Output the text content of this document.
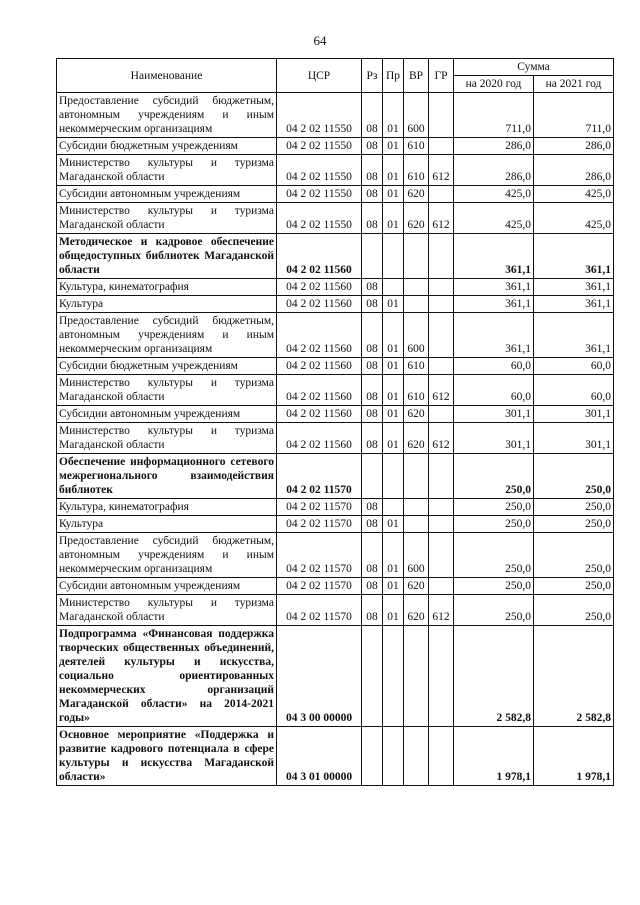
64
Наименование	ЦСР	Рз	Пр	ВР	ГР	Сумма	
						на 2020 год	на 2021 год
Предоставление субсидий бюджетным, автономным учреждениям и иным некоммерческим организациям	04 2 02 11550	08	01	600		711,0	711,0
Субсидии бюджетным учреждениям	04 2 02 11550	08	01	610		286,0	286,0
Министерство культуры и туризма Магаданской области	04 2 02 11550	08	01	610	612	286,0	286,0
Субсидии автономным учреждениям	04 2 02 11550	08	01	620		425,0	425,0
Министерство культуры и туризма Магаданской области	04 2 02 11550	08	01	620	612	425,0	425,0
Методическое и кадровое обеспечение общедоступных библиотек Магаданской области	04 2 02 11560					361,1	361,1
Культура, кинематография	04 2 02 11560	08				361,1	361,1
Культура	04 2 02 11560	08	01			361,1	361,1
Предоставление субсидий бюджетным, автономным учреждениям и иным некоммерческим организациям	04 2 02 11560	08	01	600		361,1	361,1
Субсидии бюджетным учреждениям	04 2 02 11560	08	01	610		60,0	60,0
Министерство культуры и туризма Магаданской области	04 2 02 11560	08	01	610	612	60,0	60,0
Субсидии автономным учреждениям	04 2 02 11560	08	01	620		301,1	301,1
Министерство культуры и туризма Магаданской области	04 2 02 11560	08	01	620	612	301,1	301,1
Обеспечение информационного сетевого межрегионального взаимодействия библиотек	04 2 02 11570					250,0	250,0
Культура, кинематография	04 2 02 11570	08				250,0	250,0
Культура	04 2 02 11570	08	01			250,0	250,0
Предоставление субсидий бюджетным, автономным учреждениям и иным некоммерческим организациям	04 2 02 11570	08	01	600		250,0	250,0
Субсидии автономным учреждениям	04 2 02 11570	08	01	620		250,0	250,0
Министерство культуры и туризма Магаданской области	04 2 02 11570	08	01	620	612	250,0	250,0
Подпрограмма «Финансовая поддержка творческих общественных объединений, деятелей культуры и искусства, социально ориентированных некоммерческих организаций Магаданской области» на 2014-2021 годы»	04 3 00 00000					2 582,8	2 582,8
Основное мероприятие «Поддержка и развитие кадрового потенциала в сфере культуры и искусства Магаданской области»	04 3 01 00000					1 978,1	1 978,1
